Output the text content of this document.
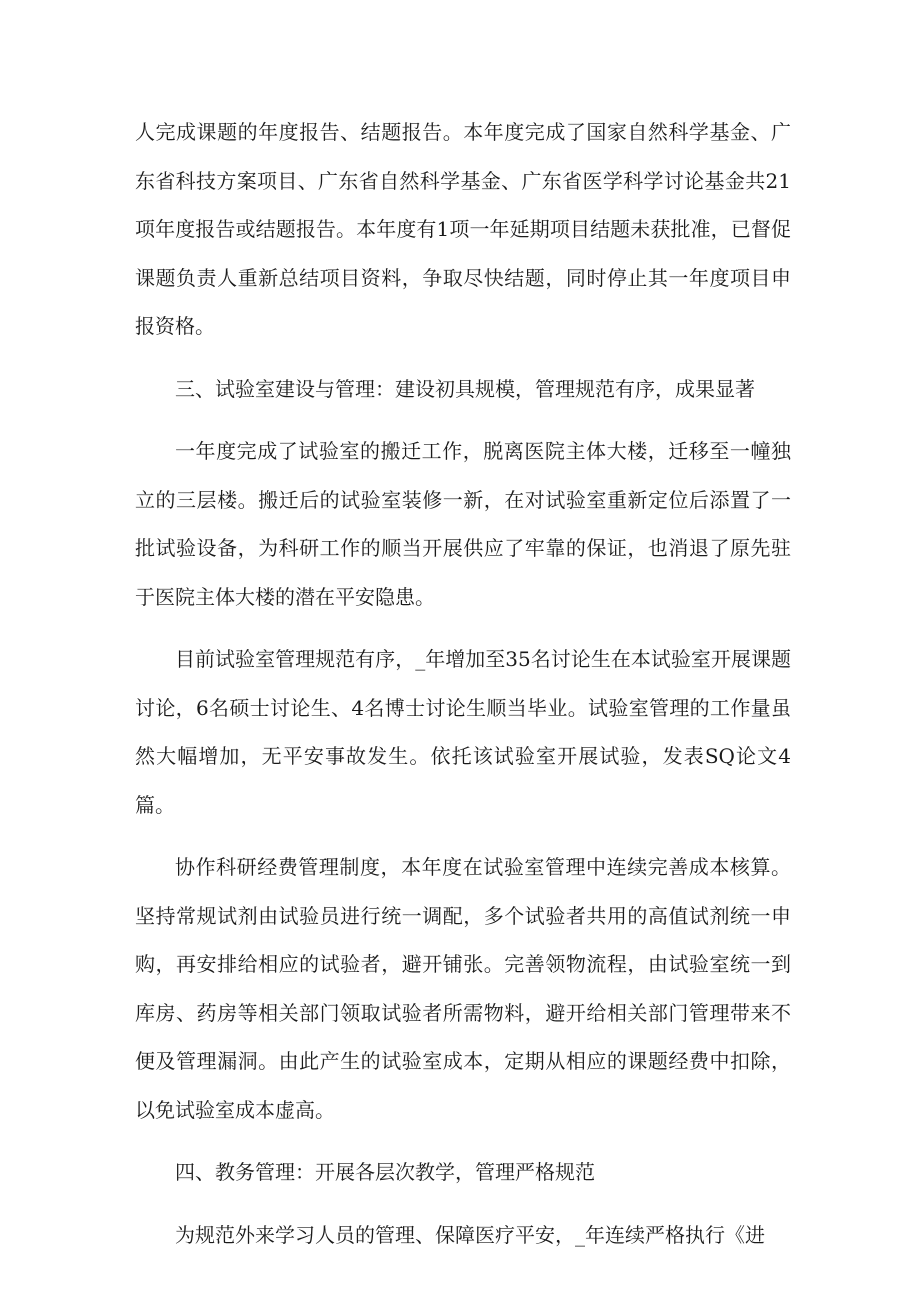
人完成课题的年度报告、结题报告。本年度完成了国家自然科学基金、广东省科技方案项目、广东省自然科学基金、广东省医学科学讨论基金共21项年度报告或结题报告。本年度有1项一年延期项目结题未获批准，已督促课题负责人重新总结项目资料，争取尽快结题，同时停止其一年度项目申报资格。

三、试验室建设与管理：建设初具规模，管理规范有序，成果显著

一年度完成了试验室的搬迁工作，脱离医院主体大楼，迁移至一幢独立的三层楼。搬迁后的试验室装修一新，在对试验室重新定位后添置了一批试验设备，为科研工作的顺当开展供应了牢靠的保证，也消退了原先驻于医院主体大楼的潜在平安隐患。

目前试验室管理规范有序，_年增加至35名讨论生在本试验室开展课题讨论，6名硕士讨论生、4名博士讨论生顺当毕业。试验室管理的工作量虽然大幅增加，无平安事故发生。依托该试验室开展试验，发表SQ论文4篇。

协作科研经费管理制度，本年度在试验室管理中连续完善成本核算。坚持常规试剂由试验员进行统一调配，多个试验者共用的高值试剂统一申购，再安排给相应的试验者，避开铺张。完善领物流程，由试验室统一到库房、药房等相关部门领取试验者所需物料，避开给相关部门管理带来不便及管理漏洞。由此产生的试验室成本，定期从相应的课题经费中扣除，以免试验室成本虚高。

四、教务管理：开展各层次教学，管理严格规范

为规范外来学习人员的管理、保障医疗平安，_年连续严格执行《进
